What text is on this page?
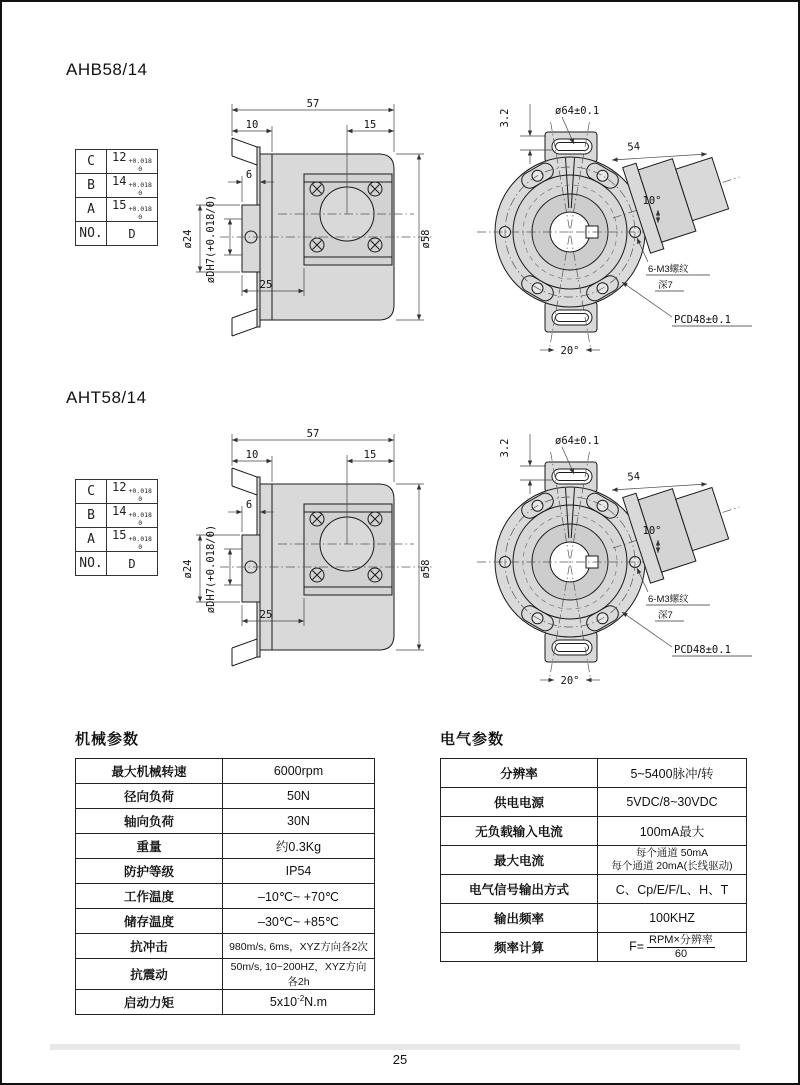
AHB58/14
C	12 +0.018
0

B	14 +0.018
0

A	15 +0.018
0

NO.	D
57
10	15
6
25
ø58
ø24 øDH7(+0.018/0)
ø64±0.1
3.2
54
10°
6-M3螺纹
深7
PCD48±0.1
20°
AHT58/14
C	12 +0.018
0

B	14 +0.018
0

A	15 +0.018
0

NO.	D
57
10	15
6
25
ø58
ø24 øDH7(+0.018/0)
ø64±0.1
3.2
54
10°
6-M3螺纹
深7
PCD48±0.1
20°
机械参数
最大机械转速	6000rpm
径向负荷	50N
轴向负荷	30N
重量	约0.3Kg
防护等级	IP54
工作温度	–10℃~ +70℃
储存温度	–30℃~ +85℃
抗冲击	980m/s, 6ms，XYZ方向各2次
抗震动	50m/s, 10~200HZ，XYZ方向各2h
启动力矩	$5x10^{-2}N.m$
电气参数
分辨率	5~5400脉冲/转
供电电源	5VDC/8~30VDC
无负载输入电流	100mA最大
最大电流	每个通道 50mA
每个通道 20mA(长线驱动)

电气信号输出方式	C、Cp/E/F/L、H、T
输出频率	100KHZ
频率计算	$F= \frac{\text{RPM×分辨率}}{60}$
25
